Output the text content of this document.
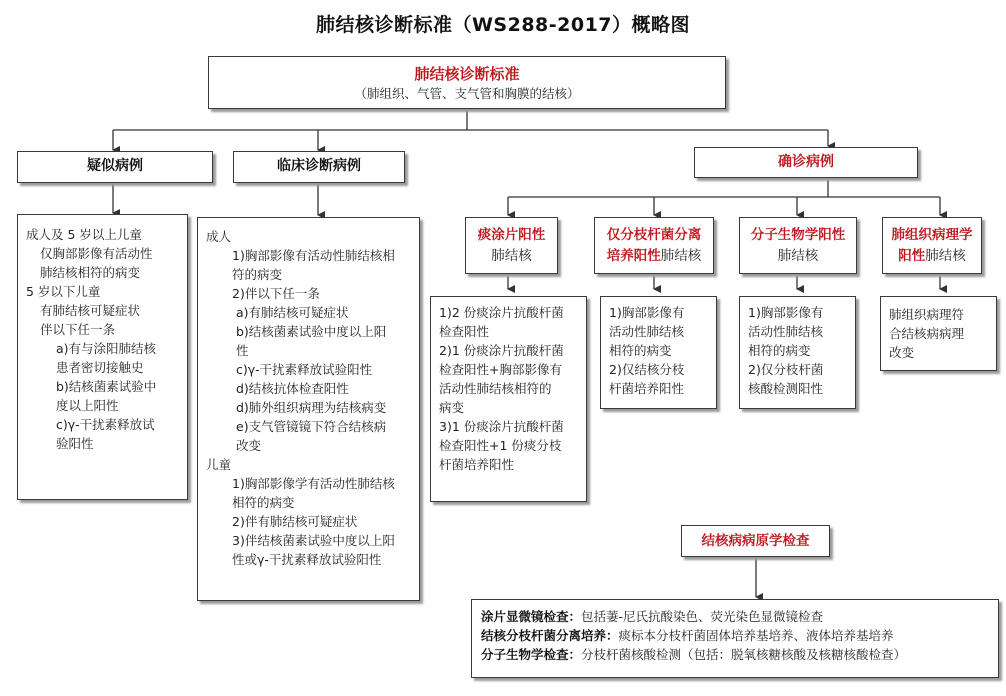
肺结核诊断标准（WS288-2017）概略图
肺结核诊断标准
（肺组织、气管、支气管和胸膜的结核）
疑似病例	临床诊断病例	确诊病例
成人及 5 岁以上儿童
仅胸部影像有活动性
肺结核相符的病变
5 岁以下儿童
有肺结核可疑症状
伴以下任一条
a)有与涂阳肺结核
患者密切接触史
b)结核菌素试验中
度以上阳性
c)γ-干扰素释放试
验阳性
成人
1)胸部影像有活动性肺结核相
符的病变
2)伴以下任一条
a)有肺结核可疑症状
b)结核菌素试验中度以上阳
性
c)γ-干扰素释放试验阳性
d)结核抗体检查阳性
d)肺外组织病理为结核病变
e)支气管镜镜下符合结核病
改变
儿童
1)胸部影像学有活动性肺结核
相符的病变
2)伴有肺结核可疑症状
3)伴结核菌素试验中度以上阳
性或γ-干扰素释放试验阳性
痰涂片阳性
肺结核
仅分枝杆菌分离
培养阳性肺结核
分子生物学阳性
肺结核
肺组织病理学
阳性肺结核
1)2 份痰涂片抗酸杆菌
检查阳性
2)1 份痰涂片抗酸杆菌
检查阳性+胸部影像有
活动性肺结核相符的
病变
3)1 份痰涂片抗酸杆菌
检查阳性+1 份痰分枝
杆菌培养阳性
1)胸部影像有
活动性肺结核
相符的病变
2)仅结核分枝
杆菌培养阳性
1)胸部影像有
活动性肺结核
相符的病变
2)仅分枝杆菌
核酸检测阳性
肺组织病理符
合结核病病理
改变
结核病病原学检查
涂片显微镜检查：包括萋-尼氏抗酸染色、荧光染色显微镜检查
结核分枝杆菌分离培养：痰标本分枝杆菌固体培养基培养、液体培养基培养
分子生物学检查：分枝杆菌核酸检测（包括：脱氧核糖核酸及核糖核酸检查）
